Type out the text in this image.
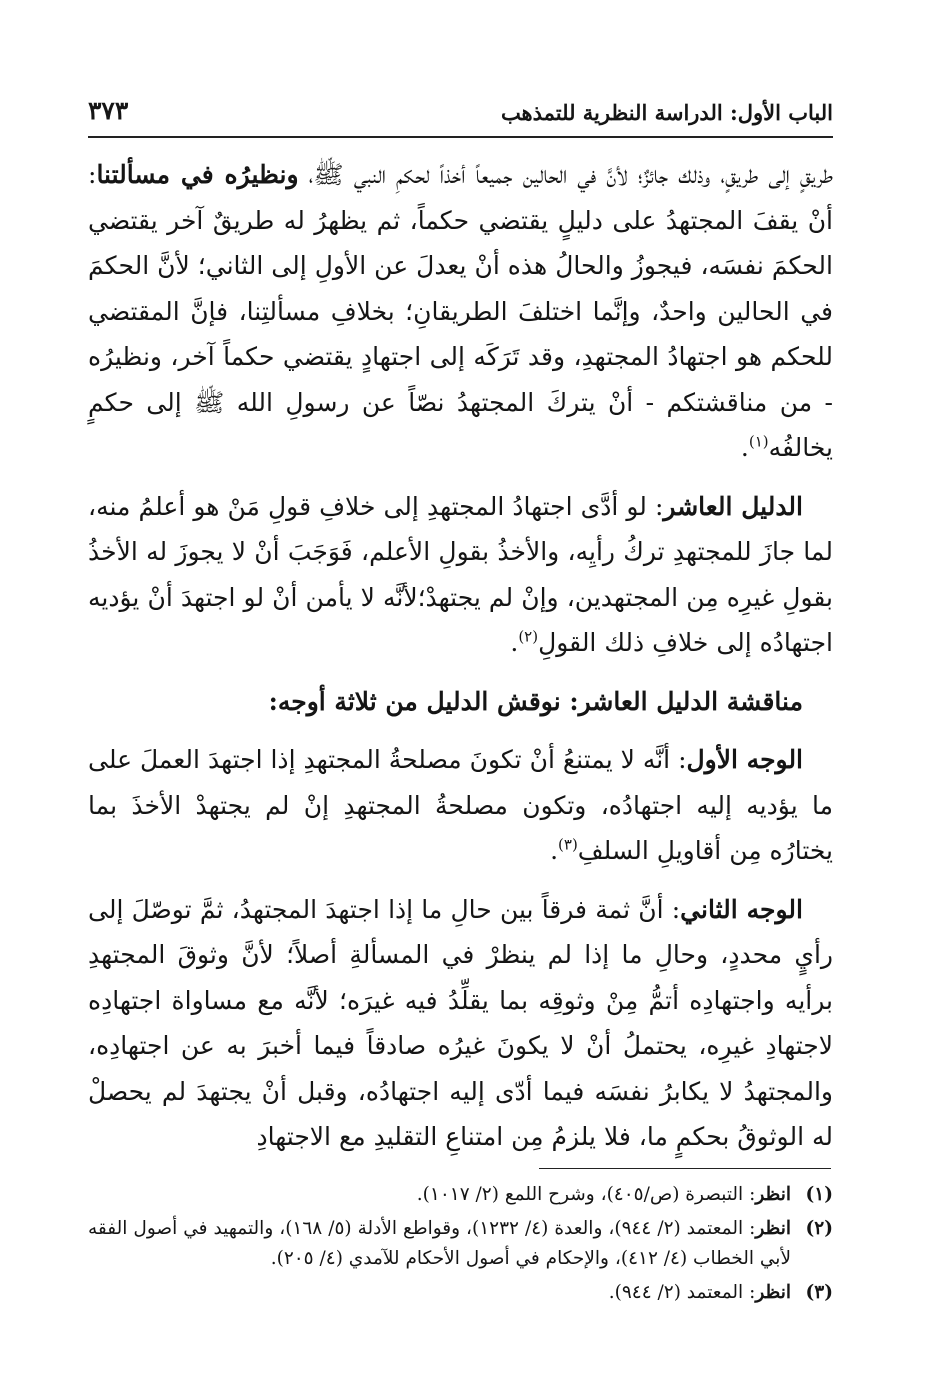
الباب الأول: الدراسة النظرية للتمذهب
٣٧٣

طريقٍ إلى طريقٍ، وذلك جائزٌ؛ لأنَّ في الحالين جميعاً أخذاً لحكمِ النبي ﷺ، ونظيرُه في مسألتنا: أنْ يقفَ المجتهدُ على دليلٍ يقتضي حكماً، ثم يظهرُ له طريقٌ آخر يقتضي الحكمَ نفسَه، فيجوزُ والحالُ هذه أنْ يعدلَ عن الأولِ إلى الثاني؛ لأنَّ الحكمَ في الحالين واحدٌ، وإنَّما اختلفَ الطريقانِ؛ بخلافِ مسألتِنا، فإنَّ المقتضي للحكم هو اجتهادُ المجتهدِ، وقد تَرَكَه إلى اجتهادٍ يقتضي حكماً آخر، ونظيرُه - من مناقشتكم - أنْ يتركَ المجتهدُ نصّاً عن رسولِ الله ﷺ إلى حكمٍ يخالفُه$^{(١)}$.

الدليل العاشر: لو أدَّى اجتهادُ المجتهدِ إلى خلافِ قولِ مَنْ هو أعلمُ منه، لما جازَ للمجتهدِ تركُ رأيِه، والأخذُ بقولِ الأعلم، فَوَجَبَ أنْ لا يجوزَ له الأخذُ بقولِ غيرِه مِن المجتهدين، وإنْ لم يجتهدْ؛لأنَّه لا يأمن أنْ لو اجتهدَ أنْ يؤديه اجتهادُه إلى خلافِ ذلك القولِ$^{(٢)}$.

مناقشة الدليل العاشر: نوقش الدليل من ثلاثة أوجه:

الوجه الأول: أنَّه لا يمتنعُ أنْ تكونَ مصلحةُ المجتهدِ إذا اجتهدَ العملَ على ما يؤديه إليه اجتهادُه، وتكون مصلحةُ المجتهدِ إنْ لم يجتهدْ الأخذَ بما يختارُه مِن أقاويلِ السلفِ$^{(٣)}$.

الوجه الثاني: أنَّ ثمة فرقاً بين حالِ ما إذا اجتهدَ المجتهدُ، ثمَّ توصّلَ إلى رأيٍ محددٍ، وحالِ ما إذا لم ينظرْ في المسألةِ أصلاً؛ لأنَّ وثوقَ المجتهدِ برأيه واجتهادِه أتمُّ مِنْ وثوقِه بما يقلِّدُ فيه غيرَه؛ لأنَّه مع مساواة اجتهادِه لاجتهادِ غيرِه، يحتملُ أنْ لا يكونَ غيرُه صادقاً فيما أخبرَ به عن اجتهادِه، والمجتهدُ لا يكابرُ نفسَه فيما أدّى إليه اجتهادُه، وقبل أنْ يجتهدَ لم يحصلْ له الوثوقُ بحكمٍ ما، فلا يلزمُ مِن امتناعِ التقليدِ مع الاجتهادِ

(١)
انظر: التبصرة (ص/٤٠٥)، وشرح اللمع (٢/ ١٠١٧).
(٢)
انظر: المعتمد (٢/ ٩٤٤)، والعدة (٤/ ١٢٣٢)، وقواطع الأدلة (٥/ ١٦٨)، والتمهيد في أصول الفقه لأبي الخطاب (٤/ ٤١٢)، والإحكام في أصول الأحكام للآمدي (٤/ ٢٠٥).
(٣)
انظر: المعتمد (٢/ ٩٤٤).
